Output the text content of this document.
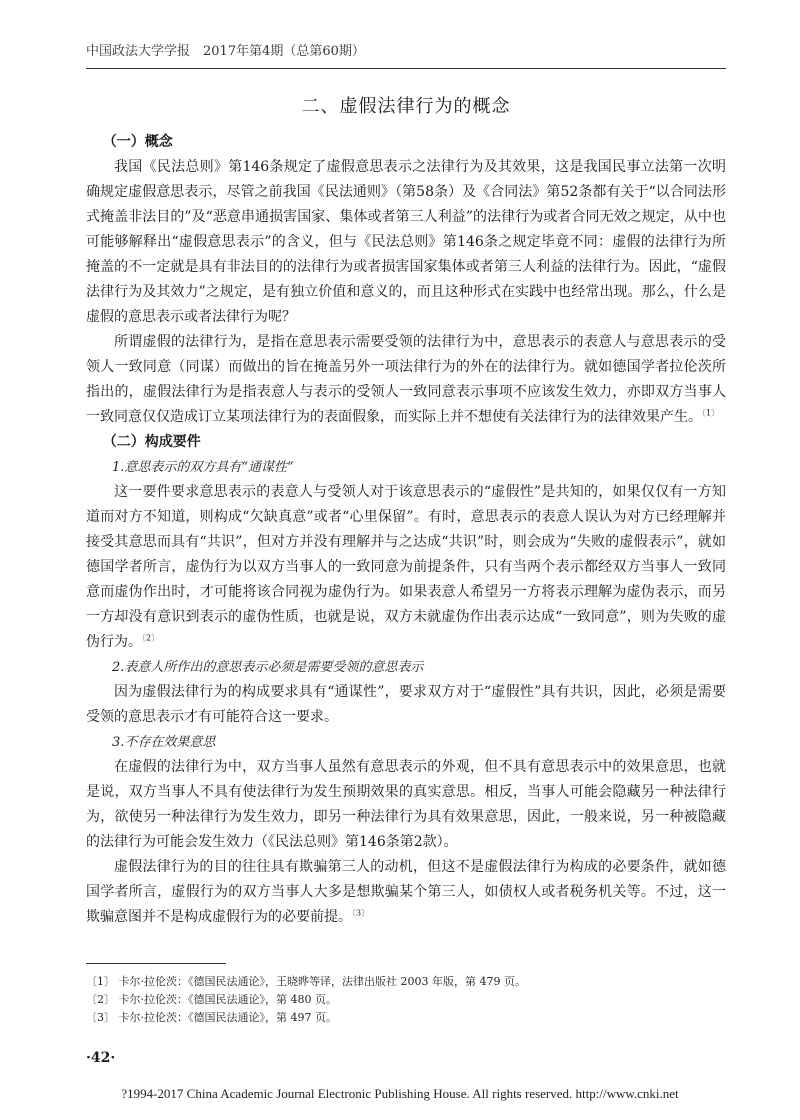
中国政法大学学报　2017年第4期（总第60期）
二、虚假法律行为的概念

（一）概念

我国《民法总则》第146条规定了虚假意思表示之法律行为及其效果，这是我国民事立法第一次明确规定虚假意思表示，尽管之前我国《民法通则》（第58条）及《合同法》第52条都有关于“以合同法形式掩盖非法目的”及“恶意串通损害国家、集体或者第三人利益”的法律行为或者合同无效之规定，从中也可能够解释出“虚假意思表示”的含义，但与《民法总则》第146条之规定毕竟不同：虚假的法律行为所掩盖的不一定就是具有非法目的的法律行为或者损害国家集体或者第三人利益的法律行为。因此，“虚假法律行为及其效力”之规定，是有独立价值和意义的，而且这种形式在实践中也经常出现。那么，什么是虚假的意思表示或者法律行为呢？

所谓虚假的法律行为，是指在意思表示需要受领的法律行为中，意思表示的表意人与意思表示的受领人一致同意（同谋）而做出的旨在掩盖另外一项法律行为的外在的法律行为。就如德国学者拉伦茨所指出的，虚假法律行为是指表意人与表示的受领人一致同意表示事项不应该发生效力，亦即双方当事人一致同意仅仅造成订立某项法律行为的表面假象，而实际上并不想使有关法律行为的法律效果产生。$^{〔1〕}$

（二）构成要件

1.意思表示的双方具有“通谋性”

这一要件要求意思表示的表意人与受领人对于该意思表示的“虚假性”是共知的，如果仅仅有一方知道而对方不知道，则构成“欠缺真意”或者“心里保留”。有时，意思表示的表意人误认为对方已经理解并接受其意思而具有“共识”，但对方并没有理解并与之达成“共识”时，则会成为“失败的虚假表示”，就如德国学者所言，虚伪行为以双方当事人的一致同意为前提条件，只有当两个表示都经双方当事人一致同意而虚伪作出时，才可能将该合同视为虚伪行为。如果表意人希望另一方将表示理解为虚伪表示，而另一方却没有意识到表示的虚伪性质，也就是说，双方未就虚伪作出表示达成“一致同意”，则为失败的虚伪行为。$^{〔2〕}$

2.表意人所作出的意思表示必须是需要受领的意思表示

因为虚假法律行为的构成要求具有“通谋性”，要求双方对于“虚假性”具有共识，因此，必须是需要受领的意思表示才有可能符合这一要求。

3.不存在效果意思

在虚假的法律行为中，双方当事人虽然有意思表示的外观，但不具有意思表示中的效果意思，也就是说，双方当事人不具有使法律行为发生预期效果的真实意思。相反，当事人可能会隐藏另一种法律行为，欲使另一种法律行为发生效力，即另一种法律行为具有效果意思，因此，一般来说，另一种被隐藏的法律行为可能会发生效力（《民法总则》第146条第2款）。

虚假法律行为的目的往往具有欺骗第三人的动机，但这不是虚假法律行为构成的必要条件，就如德国学者所言，虚假行为的双方当事人大多是想欺骗某个第三人，如债权人或者税务机关等。不过，这一欺骗意图并不是构成虚假行为的必要前提。$^{〔3〕}$

〔1〕 卡尔·拉伦茨：《德国民法通论》，王晓晔等译，法律出版社 2003 年版，第 479 页。
〔2〕 卡尔·拉伦茨：《德国民法通论》，第 480 页。
〔3〕 卡尔·拉伦茨：《德国民法通论》，第 497 页。
·42·
?1994-2017 China Academic Journal Electronic Publishing House. All rights reserved. http://www.cnki.net
